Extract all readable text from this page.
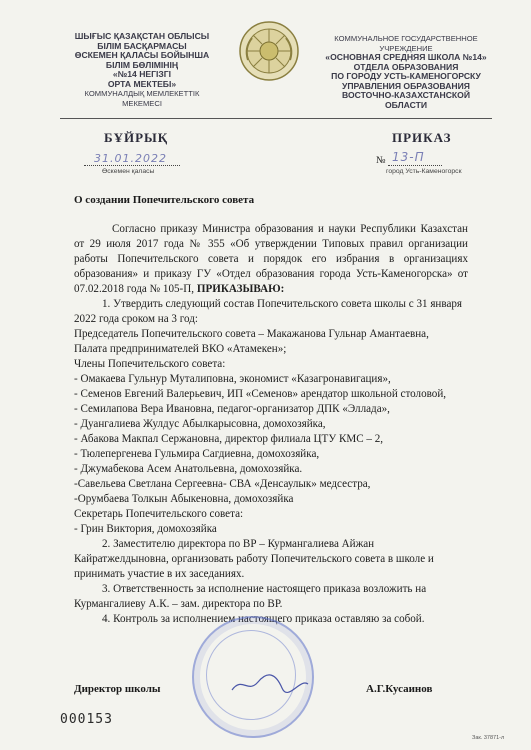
ШЫҒЫС ҚАЗАҚСТАН ОБЛЫСЫ
БІЛІМ БАСҚАРМАСЫ
ӨСКЕМЕН ҚАЛАСЫ БОЙЫНША
БІЛІМ БӨЛІМІНІҢ
«№14 НЕГІЗГІ
ОРТА МЕКТЕБІ»
КОММУНАЛДЫҚ МЕМЛЕКЕТТІК
МЕКЕМЕСІ
КОММУНАЛЬНОЕ ГОСУДАРСТВЕННОЕ
УЧРЕЖДЕНИЕ
«ОСНОВНАЯ СРЕДНЯЯ ШКОЛА №14»
ОТДЕЛА ОБРАЗОВАНИЯ
ПО ГОРОДУ УСТЬ-КАМЕНОГОРСКУ
УПРАВЛЕНИЯ ОБРАЗОВАНИЯ
ВОСТОЧНО-КАЗАХСТАНСКОЙ
ОБЛАСТИ
БҰЙРЫҚ	ПРИКАЗ
31.01.2022
Өскемен қаласы
№ 13-П
город Усть-Каменогорск
О создании Попечительского совета

Согласно приказу Министра образования и науки Республики Казахстан от 29 июля 2017 года № 355 «Об утверждении Типовых правил организации работы Попечительского совета и порядок его избрания в организациях образования» и приказу ГУ «Отдел образования города Усть-Каменогорска» от 07.02.2018 года № 105-П, ПРИКАЗЫВАЮ:

1. Утвердить следующий состав Попечительского совета школы с 31 января 2022 года сроком на 3 год:

Председатель Попечительского совета – Макажанова Гульнар Амантаевна,

Палата предпринимателей ВКО «Атамекен»;

Члены Попечительского совета:

- Омакаева Гульнур Муталиповна, экономист «Казагронавигация»,

- Семенов Евгений Валерьевич, ИП «Семенов» арендатор школьной столовой,

- Семилапова Вера Ивановна, педагог-организатор ДПК «Эллада»,

- Дуангалиева Жулдус Абылкарысовна, домохозяйка,

- Абакова Макпал Сержановна, директор филиала ЦТУ КМС – 2,

- Тюлепергенева Гульмира Сагдиевна, домохозяйка,

- Джумабекова Асем Анатольевна, домохозяйка.

-Савельева Светлана Сергеевна- СВА «Денсаулык» медсестра,

-Орумбаева Толкын Абыкеновна, домохозяйка

Секретарь Попечительского совета:

- Грин Виктория, домохозяйка

2. Заместителю директора по ВР – Курмангалиева Айжан Кайратжелдыновна, организовать работу Попечительского совета в школе и принимать участие в их заседаниях.

3. Ответственность за исполнение настоящего приказа возложить на Курмангалиеву А.К. – зам. директора по ВР.

4. Контроль за исполнением настоящего приказа оставляю за собой.

Директор школы	А.Г.Кусаинов
000153
Зак. 37871-л
